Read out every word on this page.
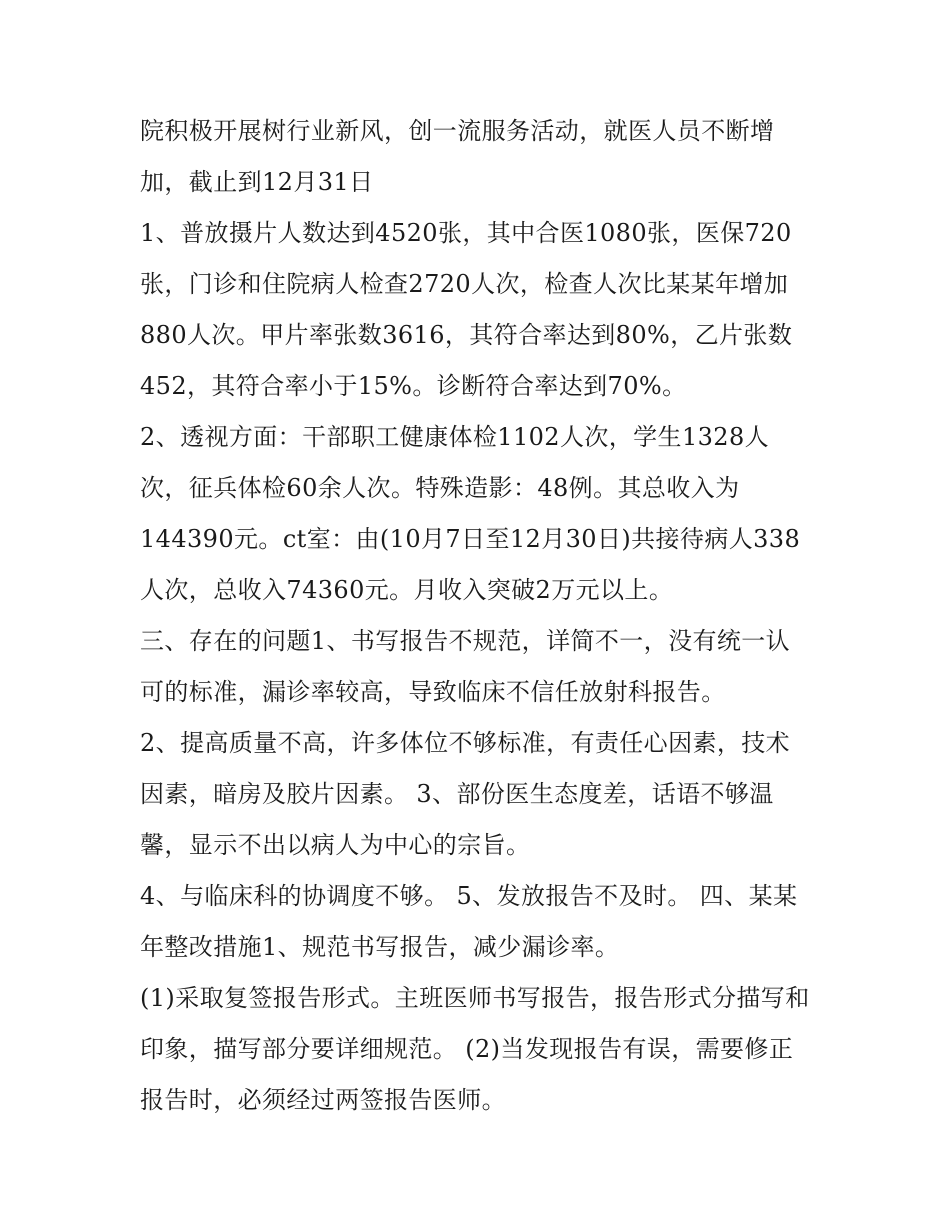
院积极开展树行业新风，创一流服务活动，就医人员不断增加，截止到12月31日

1、普放摄片人数达到4520张，其中合医1080张，医保720张，门诊和住院病人检查2720人次，检查人次比某某年增加880人次。甲片率张数3616，其符合率达到80%，乙片张数452，其符合率小于15%。诊断符合率达到70%。

2、透视方面：干部职工健康体检1102人次，学生1328人次，征兵体检60余人次。特殊造影：48例。其总收入为144390元。ct室：由(10月7日至12月30日)共接待病人338人次，总收入74360元。月收入突破2万元以上。

三、存在的问题1、书写报告不规范，详简不一，没有统一认可的标准，漏诊率较高，导致临床不信任放射科报告。

2、提高质量不高，许多体位不够标准，有责任心因素，技术因素，暗房及胶片因素。 3、部份医生态度差，话语不够温馨，显示不出以病人为中心的宗旨。

4、与临床科的协调度不够。 5、发放报告不及时。 四、某某年整改措施1、规范书写报告，减少漏诊率。

(1)采取复签报告形式。主班医师书写报告，报告形式分描写和印象，描写部分要详细规范。 (2)当发现报告有误，需要修正报告时，必须经过两签报告医师。
